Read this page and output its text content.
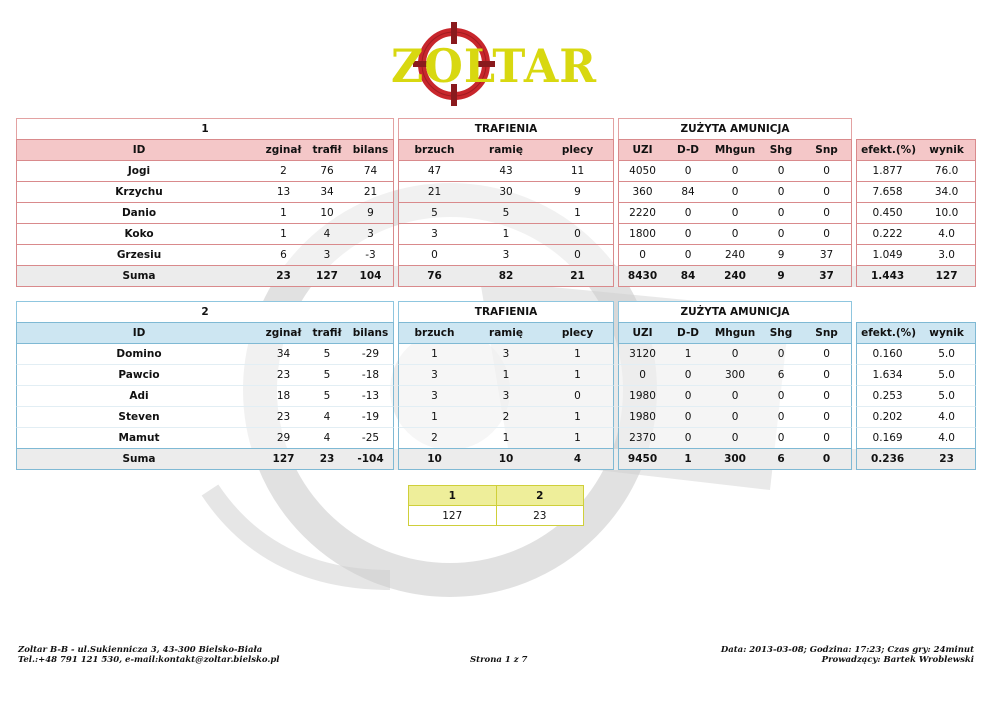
ZOLTAR
1					TRAFIENIA				ZUŻYTA AMUNICJA							
ID	zginał	trafił	bilans		brzuch	ramię	plecy		UZI	D-D	Mhgun	Shg	Snp		efekt.(%)	wynik
Jogi	2	76	74		47	43	11		4050	0	0	0	0		1.877	76.0
Krzychu	13	34	21		21	30	9		360	84	0	0	0		7.658	34.0
Danio	1	10	9		5	5	1		2220	0	0	0	0		0.450	10.0
Koko	1	4	3		3	1	0		1800	0	0	0	0		0.222	4.0
Grzesiu	6	3	-3		0	3	0		0	0	240	9	37		1.049	3.0
Suma	23	127	104		76	82	21		8430	84	240	9	37		1.443	127
2					TRAFIENIA				ZUŻYTA AMUNICJA							
ID	zginał	trafił	bilans		brzuch	ramię	plecy		UZI	D-D	Mhgun	Shg	Snp		efekt.(%)	wynik
Domino	34	5	-29		1	3	1		3120	1	0	0	0		0.160	5.0
Pawcio	23	5	-18		3	1	1		0	0	300	6	0		1.634	5.0
Adi	18	5	-13		3	3	0		1980	0	0	0	0		0.253	5.0
Steven	23	4	-19		1	2	1		1980	0	0	0	0		0.202	4.0
Mamut	29	4	-25		2	1	1		2370	0	0	0	0		0.169	4.0
Suma	127	23	-104		10	10	4		9450	1	300	6	0		0.236	23
1	2
127	23
Zoltar B-B - ul.Sukiennicza 3, 43-300 Bielsko-Biała
Tel.:+48 791 121 530, e-mail:kontakt@zoltar.bielsko.pl	Strona 1 z 7
Data: 2013-03-08; Godzina: 17:23; Czas gry: 24minut
Prowadzący: Bartek Wroblewski
